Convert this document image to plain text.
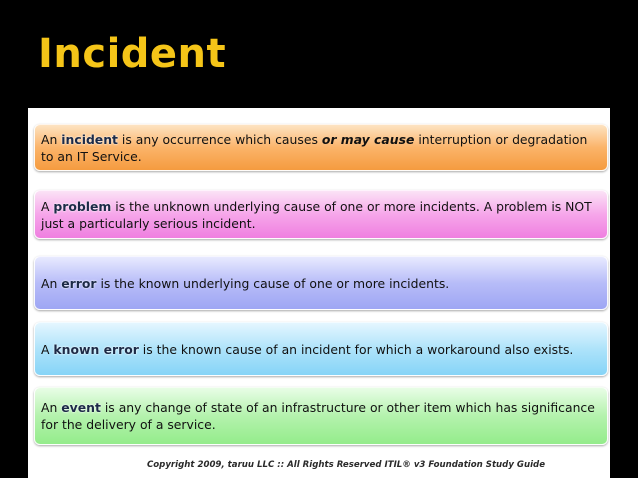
Incident

An incident is any occurrence which causes or may cause interruption or degradation to an IT Service.

A problem is the unknown underlying cause of one or more incidents. A problem is NOT just a particularly serious incident.

An error is the known underlying cause of one or more incidents.

A known error is the known cause of an incident for which a workaround also exists.

An event is any change of state of an infrastructure or other item which has significance for the delivery of a service.

Copyright 2009, taruu LLC :: All Rights Reserved ITIL® v3 Foundation Study Guide
